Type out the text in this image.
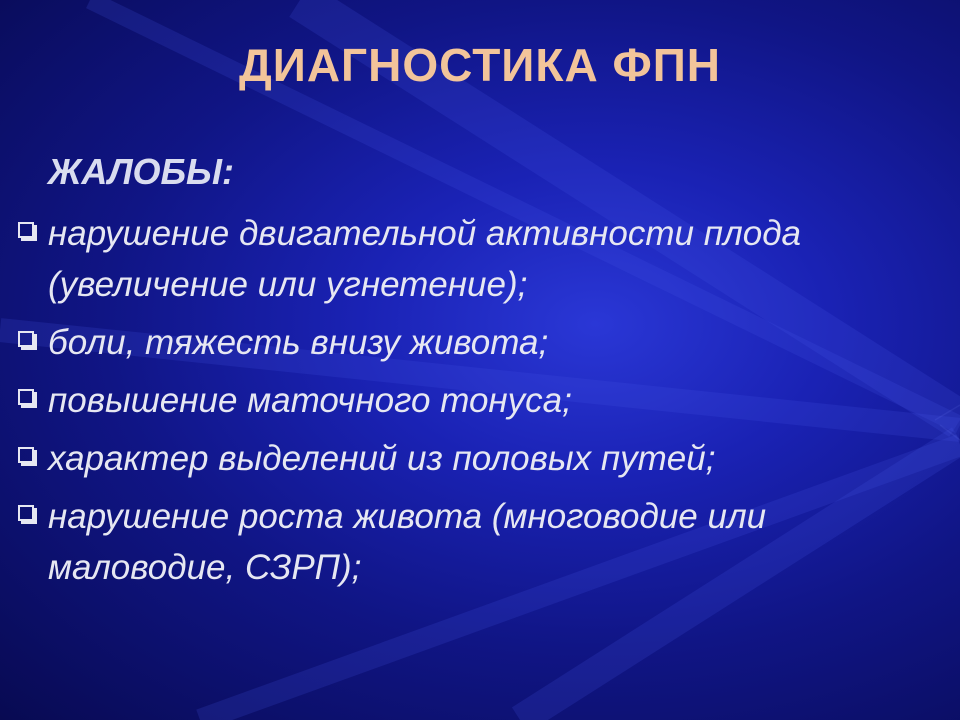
ДИАГНОСТИКА ФПН
ЖАЛОБЫ:
нарушение двигательной активности плода (увеличение или угнетение);
боли, тяжесть внизу живота;
повышение маточного тонуса;
характер выделений из половых путей;
нарушение роста живота (многоводие или маловодие, СЗРП);
